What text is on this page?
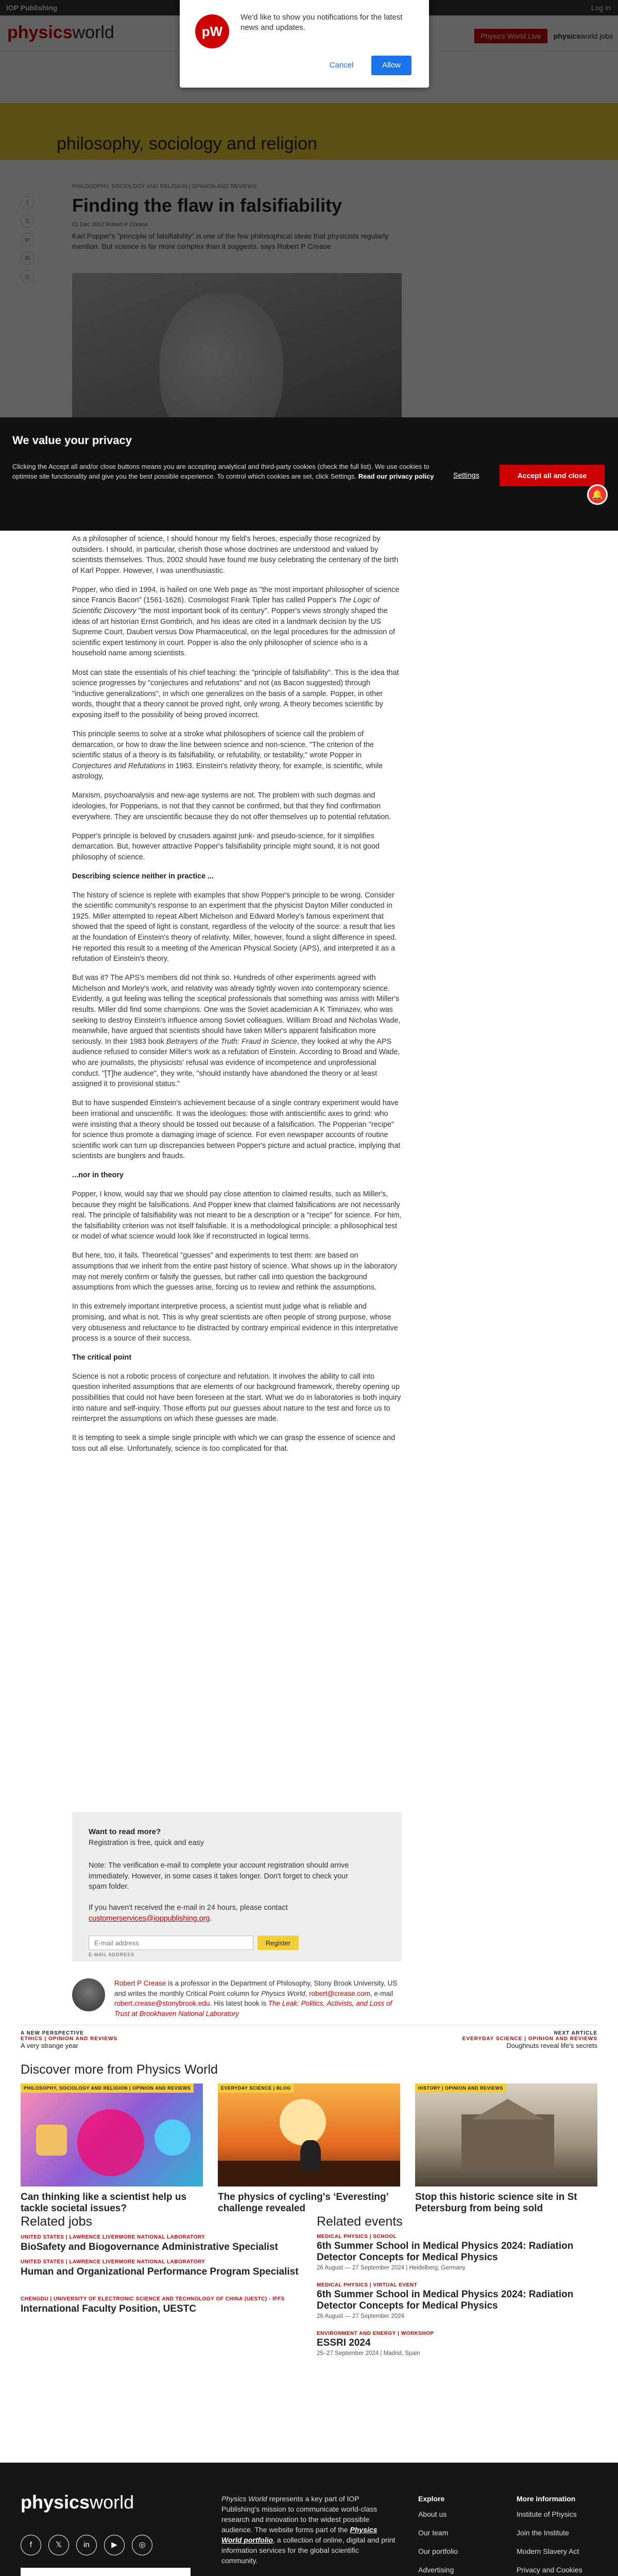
pW
We'd like to show you notifications for the latest news and updates.
Cancel	Allow
We value your privacy

Clicking the Accept all and/or close buttons means you are accepting analytical and third-party cookies (check the full list). We use cookies to optimise site functionality and give you the best possible experience. To control which cookies are set, click Settings. Read our privacy policy	Settings	Accept all and close
🔔

As a philosopher of science, I should honour my field's heroes, especially those recognized by outsiders. I should, in particular, cherish those whose doctrines are understood and valued by scientists themselves. Thus, 2002 should have found me busy celebrating the centenary of the birth of Karl Popper. However, I was unenthusiastic.

Popper, who died in 1994, is hailed on one Web page as "the most important philosopher of science since Francis Bacon" (1561-1626). Cosmologist Frank Tipler has called Popper's The Logic of Scientific Discovery "the most important book of its century". Popper's views strongly shaped the ideas of art historian Ernst Gombrich, and his ideas are cited in a landmark decision by the US Supreme Court, Daubert versus Dow Pharmaceutical, on the legal procedures for the admission of scientific expert testimony in court. Popper is also the only philosopher of science who is a household name among scientists.

Most can state the essentials of his chief teaching: the "principle of falsifiability". This is the idea that science progresses by "conjectures and refutations" and not (as Bacon suggested) through "inductive generalizations", in which one generalizes on the basis of a sample. Popper, in other words, thought that a theory cannot be proved right, only wrong. A theory becomes scientific by exposing itself to the possibility of being proved incorrect.

This principle seems to solve at a stroke what philosophers of science call the problem of demarcation, or how to draw the line between science and non-science. "The criterion of the scientific status of a theory is its falsifiability, or refutability, or testability," wrote Popper in Conjectures and Refutations in 1963. Einstein's relativity theory, for example, is scientific, while astrology,

Marxism, psychoanalysis and new-age systems are not. The problem with such dogmas and ideologies, for Popperians, is not that they cannot be confirmed, but that they find confirmation everywhere. They are unscientific because they do not offer themselves up to potential refutation.

Popper's principle is beloved by crusaders against junk- and pseudo-science, for it simplifies demarcation. But, however attractive Popper's falsifiability principle might sound, it is not good philosophy of science.

Describing science neither in practice ...

The history of science is replete with examples that show Popper's principle to be wrong. Consider the scientific community's response to an experiment that the physicist Dayton Miller conducted in 1925. Miller attempted to repeat Albert Michelson and Edward Morley's famous experiment that showed that the speed of light is constant, regardless of the velocity of the source: a result that lies at the foundation of Einstein's theory of relativity. Miller, however, found a slight difference in speed. He reported this result to a meeting of the American Physical Society (APS), and interpreted it as a refutation of Einstein's theory.

But was it? The APS's members did not think so. Hundreds of other experiments agreed with Michelson and Morley's work, and relativity was already tightly woven into contemporary science. Evidently, a gut feeling was telling the sceptical professionals that something was amiss with Miller's results. Miller did find some champions. One was the Soviet academician A K Timiriazev, who was seeking to destroy Einstein's influence among Soviet colleagues. William Broad and Nicholas Wade, meanwhile, have argued that scientists should have taken Miller's apparent falsification more seriously. In their 1983 book Betrayers of the Truth: Fraud in Science, they looked at why the APS audience refused to consider Miller's work as a refutation of Einstein. According to Broad and Wade, who are journalists, the physicists' refusal was evidence of incompetence and unprofessional conduct. "[T]he audience", they write, "should instantly have abandoned the theory or at least assigned it to provisional status."

But to have suspended Einstein's achievement because of a single contrary experiment would have been irrational and unscientific. It was the ideologues: those with antiscientific axes to grind: who were insisting that a theory should be tossed out because of a falsification. The Popperian "recipe" for science thus promote a damaging image of science. For even newspaper accounts of routine scientific work can turn up discrepancies between Popper's picture and actual practice, implying that scientists are bunglers and frauds.

...nor in theory

Popper, I know, would say that we should pay close attention to claimed results, such as Miller's, because they might be falsifications. And Popper knew that claimed falsifications are not necessarily real. The principle of falsifiability was not meant to be a description or a "recipe" for science. For him, the falsifiability criterion was not itself falsifiable. It is a methodological principle: a philosophical test or model of what science would look like if reconstructed in logical terms.

But here, too, it fails. Theoretical "guesses" and experiments to test them: are based on assumptions that we inherit from the entire past history of science. What shows up in the laboratory may not merely confirm or falsify the guesses, but rather call into question the background assumptions from which the guesses arise, forcing us to review and rethink the assumptions.

In this extremely important interpretive process, a scientist must judge what is reliable and promising, and what is not. This is why great scientists are often people of strong purpose, whose very obtuseness and reluctance to be distracted by contrary empirical evidence in this interpretative process is a source of their success.

The critical point

Science is not a robotic process of conjecture and refutation. It involves the ability to call into question inherited assumptions that are elements of our background framework, thereby opening up possibilities that could not have been foreseen at the start. What we do in laboratories is both inquiry into nature and self-inquiry. Those efforts put our guesses about nature to the test and force us to reinterpret the assumptions on which these guesses are made.

It is tempting to seek a simple single principle with which we can grasp the essence of science and toss out all else. Unfortunately, science is too complicated for that.

Want to read more?
Registration is free, quick and easy
Note: The verification e-mail to complete your account registration should arrive immediately. However, in some cases it takes longer. Don't forget to check your spam folder.
If you haven't received the e-mail in 24 hours, please contact customerservices@ioppublishing.org.
E-mail address
Register
E-MAIL ADDRESS
Robert P Crease is a professor in the Department of Philosophy, Stony Brook University, US and writes the monthly Critical Point column for Physics World, robert@crease.com, e-mail robert.crease@stonybrook.edu. His latest book is The Leak: Politics, Activists, and Loss of Trust at Brookhaven National Laboratory
A NEW PERSPECTIVE
ETHICS | OPINION AND REVIEWS
A very strange year
NEXT ARTICLE
EVERYDAY SCIENCE | OPINION AND REVIEWS
Doughnuts reveal life's secrets
Discover more from Physics World
PHILOSOPHY, SOCIOLOGY AND RELIGION | OPINION AND REVIEWS
Can thinking like a scientist help us tackle societal issues?
EVERYDAY SCIENCE | BLOG
The physics of cycling's ‘Everesting’ challenge revealed
HISTORY | OPINION AND REVIEWS
Stop this historic science site in St Petersburg from being sold
Related jobs	Related events
UNITED STATES | LAWRENCE LIVERMORE NATIONAL LABORATORY
BioSafety and Biogovernance Administrative Specialist
UNITED STATES | LAWRENCE LIVERMORE NATIONAL LABORATORY
Human and Organizational Performance Program Specialist
CHENGDU | UNIVERSITY OF ELECTRONIC SCIENCE AND TECHNOLOGY OF CHINA (UESTC) - IFFS
International Faculty Position, UESTC
MEDICAL PHYSICS | SCHOOL
6th Summer School in Medical Physics 2024: Radiation Detector Concepts for Medical Physics
26 August — 27 September 2024 | Heidelberg, Germany
MEDICAL PHYSICS | VIRTUAL EVENT
6th Summer School in Medical Physics 2024: Radiation Detector Concepts for Medical Physics
26 August — 27 September 2024
ENVIRONMENT AND ENERGY | WORKSHOP
ESSRI 2024
25–27 September 2024 | Madrid, Spain
physicsworld
f	𝕏	in	▶	◎
Physics World represents a key part of IOP Publishing's mission to communicate world-class research and innovation to the widest possible audience. The website forms part of the Physics World portfolio, a collection of online, digital and print information services for the global scientific community.
Explore
About us
Our team
Our portfolio
Advertising
More information
Institute of Physics
Join the Institute
Modern Slavery Act
Privacy and Cookies
